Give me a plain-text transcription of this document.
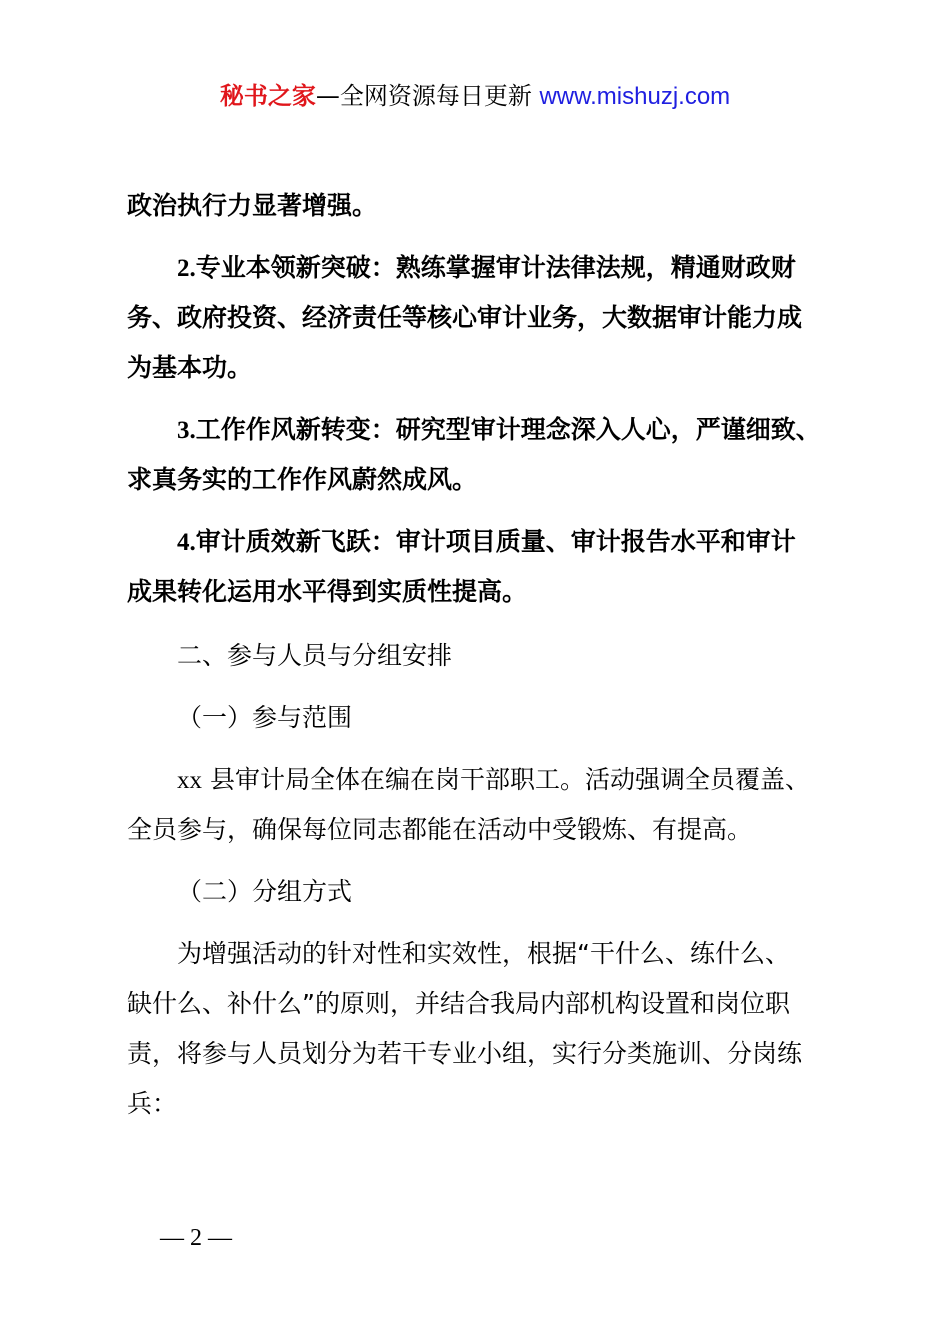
秘书之家—全网资源每日更新 www.mishuzj.com
政治执行力显著增强。
2.专业本领新突破：熟练掌握审计法律法规，精通财政财
务、政府投资、经济责任等核心审计业务，大数据审计能力成
为基本功。
3.工作作风新转变：研究型审计理念深入人心，严谨细致、
求真务实的工作作风蔚然成风。
4.审计质效新飞跃：审计项目质量、审计报告水平和审计
成果转化运用水平得到实质性提高。
二、参与人员与分组安排
（一）参与范围
xx 县审计局全体在编在岗干部职工。活动强调全员覆盖、
全员参与，确保每位同志都能在活动中受锻炼、有提高。
（二）分组方式
为增强活动的针对性和实效性，根据“干什么、练什么、
缺什么、补什么”的原则，并结合我局内部机构设置和岗位职
责，将参与人员划分为若干专业小组，实行分类施训、分岗练
兵：
— 2 —
